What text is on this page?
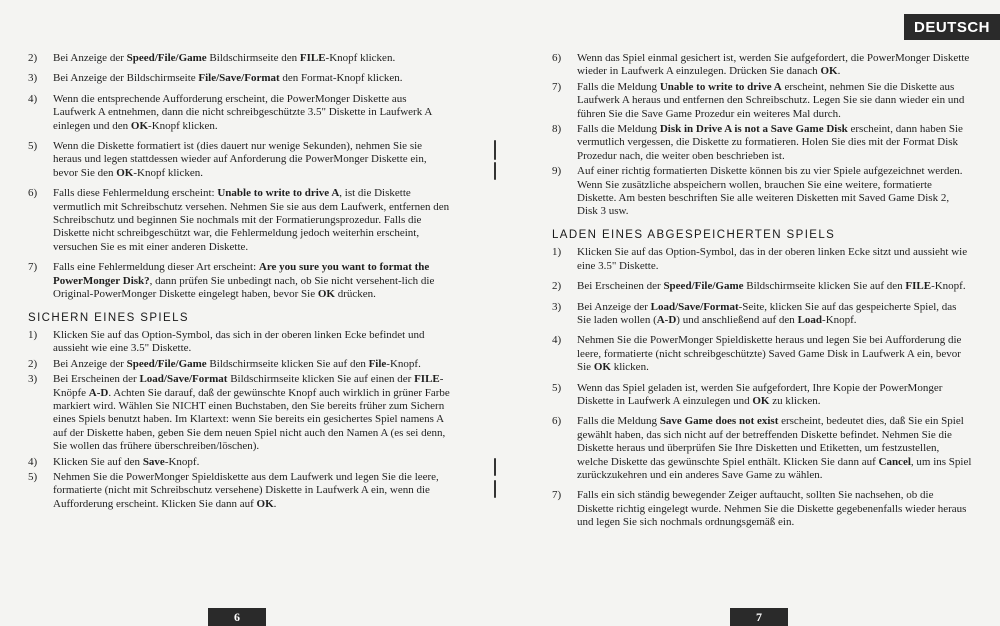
2)	Bei Anzeige der Speed/File/Game Bildschirmseite den FILE-Knopf klicken.
3)	Bei Anzeige der Bildschirmseite File/Save/Format den Format-Knopf klicken.
4)	Wenn die entsprechende Aufforderung erscheint, die PowerMonger Diskette aus Laufwerk A entnehmen, dann die nicht schreibgeschützte 3.5" Diskette in Laufwerk A einlegen und den OK-Knopf klicken.
5)	Wenn die Diskette formatiert ist (dies dauert nur wenige Sekunden), nehmen Sie sie heraus und legen stattdessen wieder auf Anforderung die PowerMonger Diskette ein, bevor Sie den OK-Knopf klicken.
6)	Falls diese Fehlermeldung erscheint: Unable to write to drive A, ist die Diskette vermutlich mit Schreibschutz versehen. Nehmen Sie sie aus dem Laufwerk, entfernen den Schreibschutz und beginnen Sie nochmals mit der Formatierungsprozedur. Falls die Diskette nicht schreibgeschützt war, die Fehlermeldung jedoch weiterhin erscheint, versuchen Sie es mit einer anderen Diskette.
7)	Falls eine Fehlermeldung dieser Art erscheint: Are you sure you want to format the PowerMonger Disk?, dann prüfen Sie unbedingt nach, ob Sie nicht versehent-lich die Original-PowerMonger Diskette eingelegt haben, bevor Sie OK drücken.
SICHERN EINES SPIELS
1)	Klicken Sie auf das Option-Symbol, das sich in der oberen linken Ecke befindet und aussieht wie eine 3.5" Diskette.
2)	Bei Anzeige der Speed/File/Game Bildschirmseite klicken Sie auf den File-Knopf.
3)	Bei Erscheinen der Load/Save/Format Bildschirmseite klicken Sie auf einen der FILE-Knöpfe A-D. Achten Sie darauf, daß der gewünschte Knopf auch wirklich in grüner Farbe markiert wird. Wählen Sie NICHT einen Buchstaben, den Sie bereits früher zum Sichern eines Spiels benutzt haben. Im Klartext: wenn Sie bereits ein gesichertes Spiel namens A auf der Diskette haben, geben Sie dem neuen Spiel nicht auch den Namen A (es sei denn, Sie wollen das frühere überschreiben/löschen).
4)	Klicken Sie auf den Save-Knopf.
5)	Nehmen Sie die PowerMonger Spieldiskette aus dem Laufwerk und legen Sie die leere, formatierte (nicht mit Schreibschutz versehene) Diskette in Laufwerk A ein, wenn die Aufforderung erscheint. Klicken Sie dann auf OK.
6
DEUTSCH
6)	Wenn das Spiel einmal gesichert ist, werden Sie aufgefordert, die PowerMonger Diskette wieder in Laufwerk A einzulegen. Drücken Sie danach OK.
7)	Falls die Meldung Unable to write to drive A erscheint, nehmen Sie die Diskette aus Laufwerk A heraus und entfernen den Schreibschutz. Legen Sie sie dann wieder ein und führen Sie die Save Game Prozedur ein weiteres Mal durch.
8)	Falls die Meldung Disk in Drive A is not a Save Game Disk erscheint, dann haben Sie vermutlich vergessen, die Diskette zu formatieren. Holen Sie dies mit der Format Disk Prozedur nach, die weiter oben beschrieben ist.
9)	Auf einer richtig formatierten Diskette können bis zu vier Spiele aufgezeichnet werden. Wenn Sie zusätzliche abspeichern wollen, brauchen Sie eine weitere, formatierte Diskette. Am besten beschriften Sie alle weiteren Disketten mit Saved Game Disk 2, Disk 3 usw.
LADEN EINES ABGESPEICHERTEN SPIELS
1)	Klicken Sie auf das Option-Symbol, das in der oberen linken Ecke sitzt und aussieht wie eine 3.5" Diskette.
2)	Bei Erscheinen der Speed/File/Game Bildschirmseite klicken Sie auf den FILE-Knopf.
3)	Bei Anzeige der Load/Save/Format-Seite, klicken Sie auf das gespeicherte Spiel, das Sie laden wollen (A-D) und anschließend auf den Load-Knopf.
4)	Nehmen Sie die PowerMonger Spieldiskette heraus und legen Sie bei Aufforderung die leere, formatierte (nicht schreibgeschützte) Saved Game Disk in Laufwerk A ein, bevor Sie OK klicken.
5)	Wenn das Spiel geladen ist, werden Sie aufgefordert, Ihre Kopie der PowerMonger Diskette in Laufwerk A einzulegen und OK zu klicken.
6)	Falls die Meldung Save Game does not exist erscheint, bedeutet dies, daß Sie ein Spiel gewählt haben, das sich nicht auf der betreffenden Diskette befindet. Nehmen Sie die Diskette heraus und überprüfen Sie Ihre Disketten und Etiketten, um festzustellen, welche Diskette das gewünschte Spiel enthält. Klicken Sie dann auf Cancel, um ins Spiel zurückzukehren und ein anderes Save Game zu wählen.
7)	Falls ein sich ständig bewegender Zeiger auftaucht, sollten Sie nachsehen, ob die Diskette richtig eingelegt wurde. Nehmen Sie die Diskette gegebenenfalls wieder heraus und legen Sie sich nochmals ordnungsgemäß ein.
7
